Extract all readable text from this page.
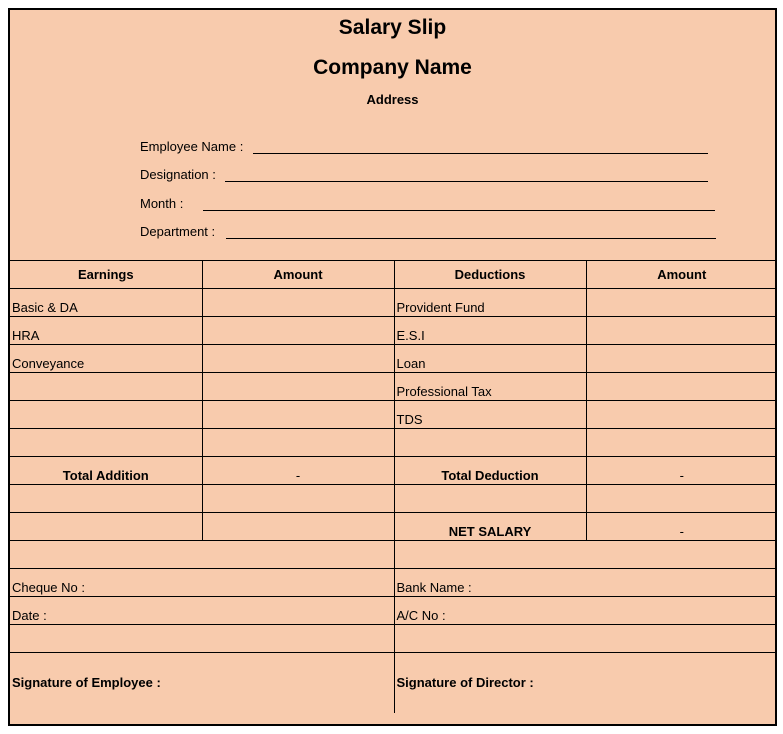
Salary Slip
Company Name
Address
Employee Name :
Designation :
Month :
Department :
Earnings	Amount	Deductions	Amount
Basic & DA		Provident Fund	
HRA		E.S.I	
Conveyance		Loan	
		Professional Tax	
		TDS	

Total Addition	-	Total Deduction	-

		NET SALARY	-

Cheque No :		Bank Name :	
Date :		A/C No :	

Signature of Employee :		Signature of Director :	
